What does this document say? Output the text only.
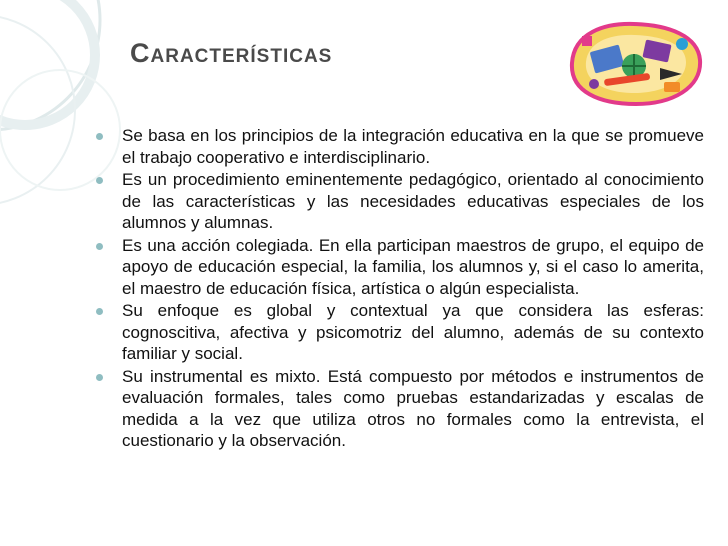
Características
Se basa en los principios de la integración educativa en la que se promueve el trabajo cooperativo e interdisciplinario.
Es un procedimiento eminentemente pedagógico, orientado al conocimiento de las características y las necesidades educativas especiales de los alumnos y alumnas.
Es una acción colegiada. En ella participan maestros de grupo, el equipo de apoyo de educación especial, la familia, los alumnos y, si el caso lo amerita, el maestro de educación física, artística o algún especialista.
Su enfoque es global y contextual ya que considera las esferas: cognoscitiva, afectiva y psicomotriz del alumno, además de su contexto familiar y social.
Su instrumental es mixto. Está compuesto por métodos e instrumentos de evaluación formales, tales como pruebas estandarizadas y escalas de medida a la vez que utiliza otros no formales como la entrevista, el cuestionario y la observación.
